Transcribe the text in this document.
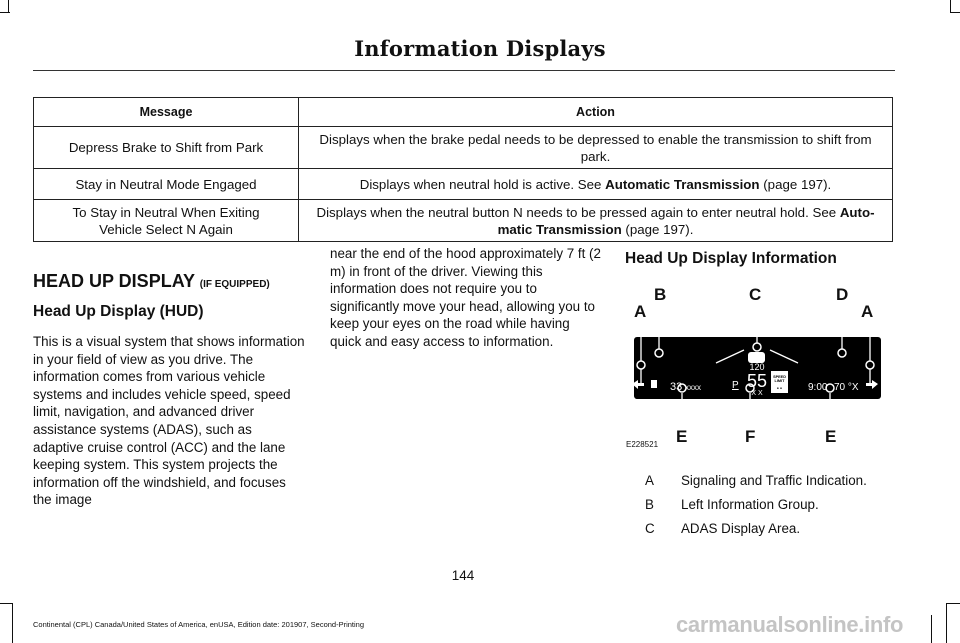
Information Displays
Message	Action
Depress Brake to Shift from Park	Displays when the brake pedal needs to be depressed to enable the transmission to shift from park.
Stay in Neutral Mode Engaged	Displays when neutral hold is active. See Automatic Transmission (page 197).
To Stay in Neutral When Exiting Vehicle Select N Again	Displays when the neutral button N needs to be pressed again to enter neutral hold. See Auto-matic Transmission (page 197).
HEAD UP DISPLAY (IF EQUIPPED)
Head Up Display (HUD)
This is a visual system that shows information in your field of view as you drive. The information comes from various vehicle systems and includes vehicle speed, speed limit, navigation, and advanced driver assistance systems (ADAS), such as adaptive cruise control (ACC) and the lane keeping system. This system projects the information off the windshield, and focuses the image
near the end of the hood approximately 7 ft (2 m) in front of the driver. Viewing this information does not require you to significantly move your head, allowing you to keep your eyes on the road while having quick and easy access to information.
Head Up Display Information
A
B	C	D
A
33 xxxx
120
55
X X
P	9:00 70 °X
SPEED
LIMIT
• •
E	F	E
E228521
A	Signaling and Traffic Indication.
B	Left Information Group.
C	ADAS Display Area.
144
Continental (CPL) Canada/United States of America, enUSA, Edition date: 201907, Second-Printing	carmanualsonline.info
